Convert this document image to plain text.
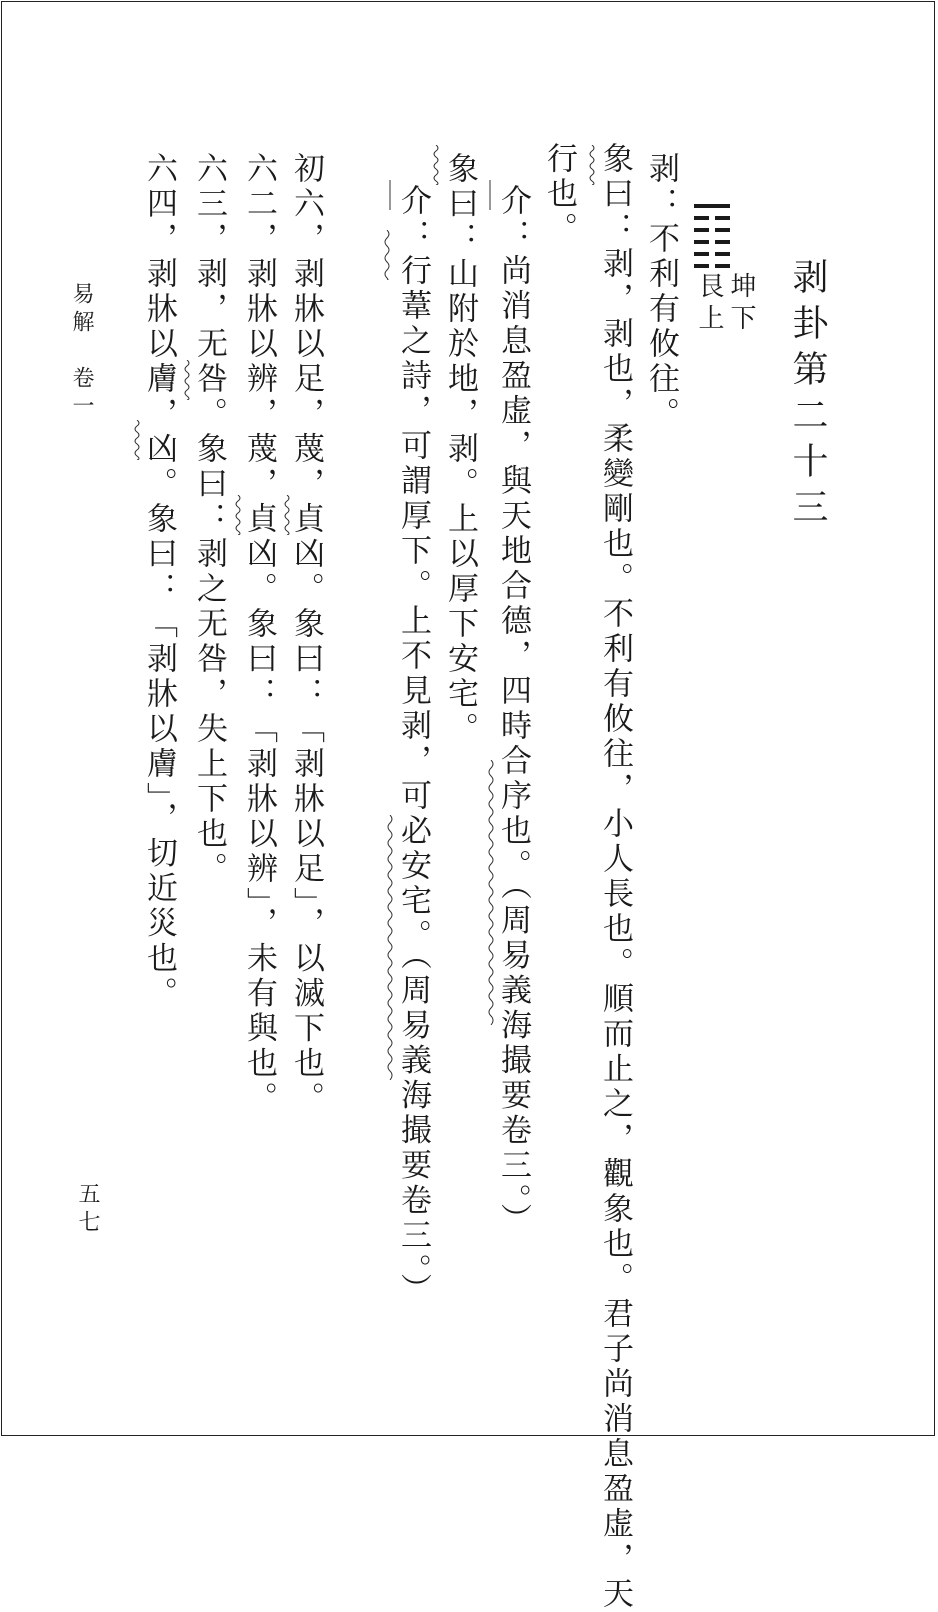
剥卦第二十三
坤下
艮上
剥：不利有攸往。
象曰：剥，剥也，柔變剛也。不利有攸往，小人長也。順而止之，觀象也。君子尚消息盈虚，天
行也。
介：尚消息盈虚，與天地合德，四時合序也。（周易義海撮要卷三。）
象曰：山附於地，剥。上以厚下安宅。
介：行葦之詩，可謂厚下。上不見剥，可必安宅。（周易義海撮要卷三。）
初六，剥牀以足，蔑，貞凶。象曰：「剥牀以足」，以滅下也。
六二，剥牀以辨，蔑，貞凶。象曰：「剥牀以辨」，未有與也。
六三，剥，无咎。象曰：剥之无咎，失上下也。
六四，剥牀以膚，凶。象曰：「剥牀以膚」，切近災也。
易解　卷一
五七
